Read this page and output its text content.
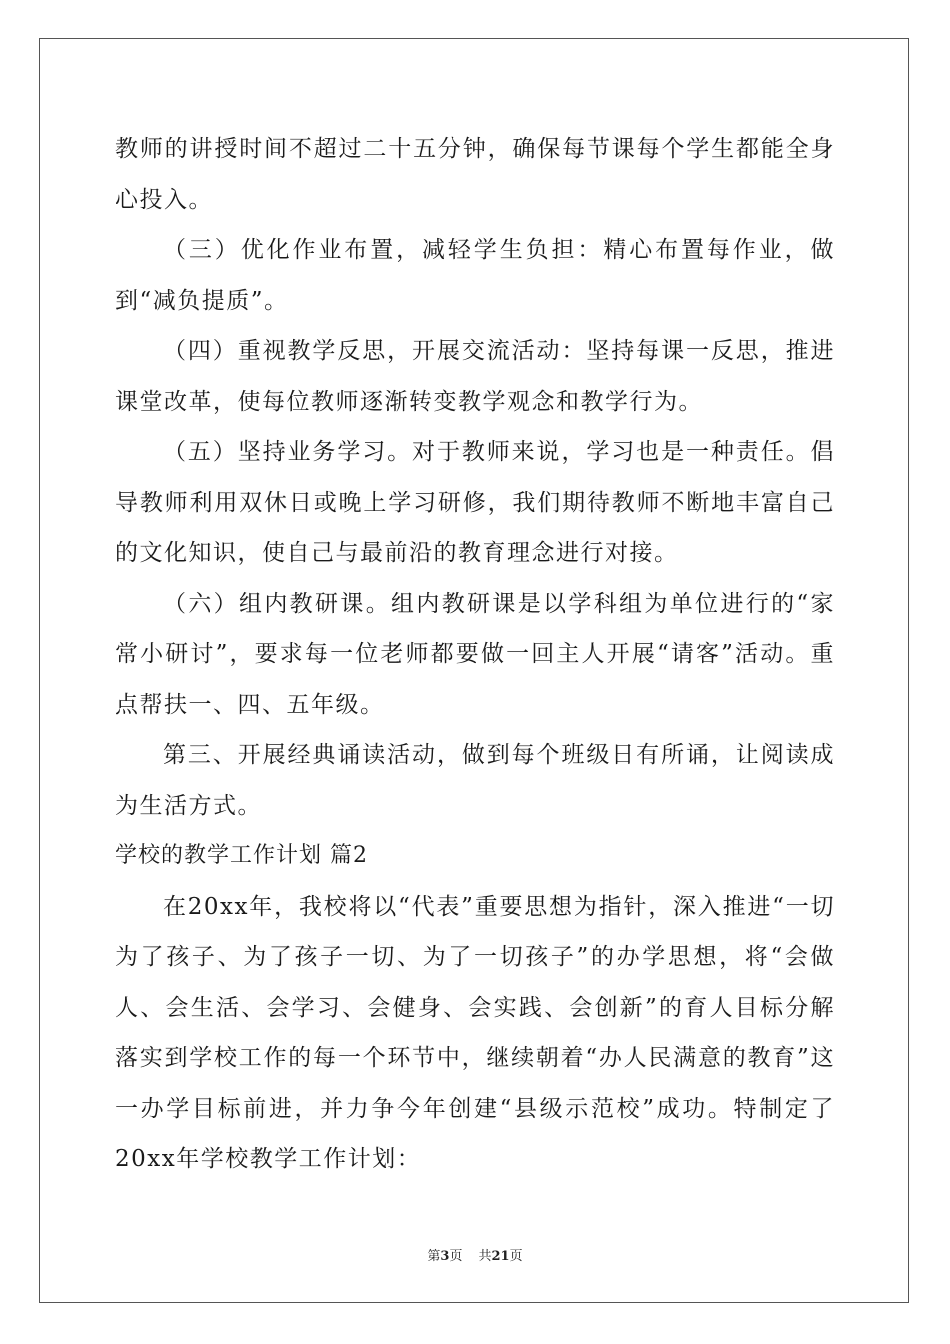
教师的讲授时间不超过二十五分钟，确保每节课每个学生都能全身心投入。

（三）优化作业布置，减轻学生负担：精心布置每作业，做到“减负提质”。

（四）重视教学反思，开展交流活动：坚持每课一反思，推进课堂改革，使每位教师逐渐转变教学观念和教学行为。

（五）坚持业务学习。对于教师来说，学习也是一种责任。倡导教师利用双休日或晚上学习研修，我们期待教师不断地丰富自己的文化知识，使自己与最前沿的教育理念进行对接。

（六）组内教研课。组内教研课是以学科组为单位进行的“家常小研讨”，要求每一位老师都要做一回主人开展“请客”活动。重点帮扶一、四、五年级。

第三、开展经典诵读活动，做到每个班级日有所诵，让阅读成为生活方式。

学校的教学工作计划 篇2

在20xx年，我校将以“代表”重要思想为指针，深入推进“一切为了孩子、为了孩子一切、为了一切孩子”的办学思想，将“会做人、会生活、会学习、会健身、会实践、会创新”的育人目标分解落实到学校工作的每一个环节中，继续朝着“办人民满意的教育”这一办学目标前进，并力争今年创建“县级示范校”成功。特制定了20xx年学校教学工作计划：

第3页 共21页
